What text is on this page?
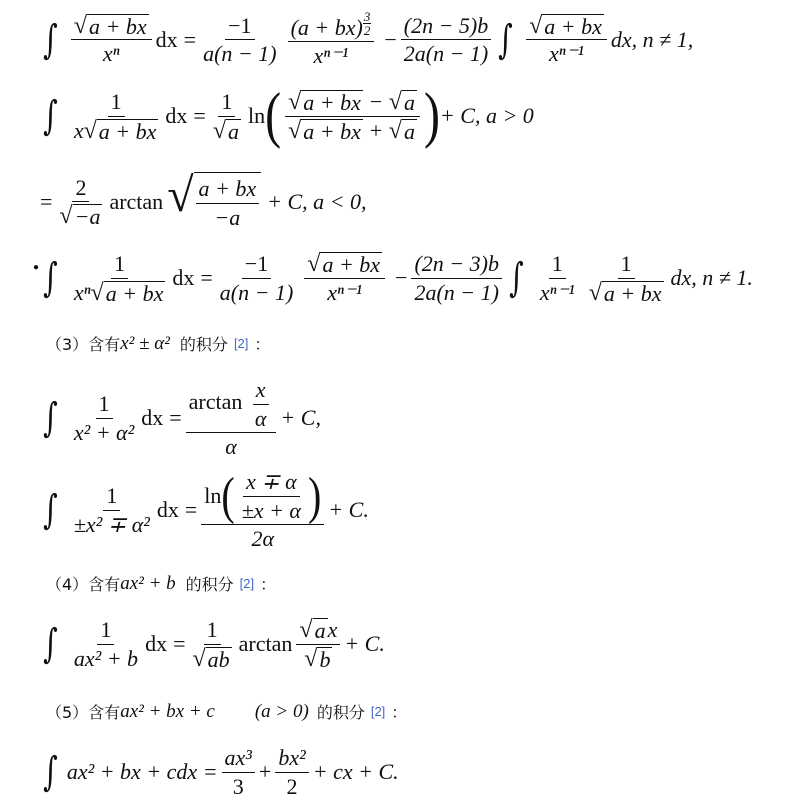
∫ $\frac{√ a + bx}{\text{xⁿ}}$ dx = $\frac{-1}{a(n - 1)} (a + bx)$ $^{\frac{3}{2}}$
$x^{n-1} - \frac{(2n - 5)b}{2a(n - 1)}$ ∫ $\frac{√ a + bx}{\text{xⁿ⁻¹}}$ dx, n ≠ 1,
∫ $\frac{1}{x √ a + bx}$ dx = $\frac{1}{√ a}$ ln ( $\frac{√ a + bx - √ a}{√ a + bx + √ a}$ ) + C, a > 0
= $\frac{2}{√ -a}$ arctan √ $\frac{a + bx}{-a} + C$, a < 0,
● ∫ $\frac{1}{\text{xⁿ √ a + bx}}$ dx = $\frac{-1}{a(n - 1)} \frac{√ a + bx}{\text{xⁿ⁻¹}} - \frac{(2n - 3)b}{2a(n - 1)}$ ∫ $\frac{1}{\text{xⁿ⁻¹}} \frac{1}{√ a + bx}$ dx, n ≠ 1.
（3）含有 x² ± α² 的积分 [2] ：
∫ $\frac{1}{\text{x² + α²}}$ dx = $\frac{\arctan \frac{x}{\alpha}}{\alpha} + C$,
∫ $\frac{1}{\text{±x² ∓ α²}}$ dx = $\frac{\ln ( \frac{x \mp \alpha}{\pm x + \alpha} )}{2\alpha} + C$.
（4）含有 ax² + b 的积分 [2] ：
∫ $\frac{1}{\text{ax² + b}}$ dx = $\frac{1}{√ ab}$ $\arctan \frac{\text{√ a x}}{√ b} + C$.
（5）含有 ax² + bx + c (a > 0) 的积分 [2] ：
∫ ax² + bx + cdx = $\frac{\text{ax³}}{3} + \frac{\text{bx²}}{2}$ + cx + C.
